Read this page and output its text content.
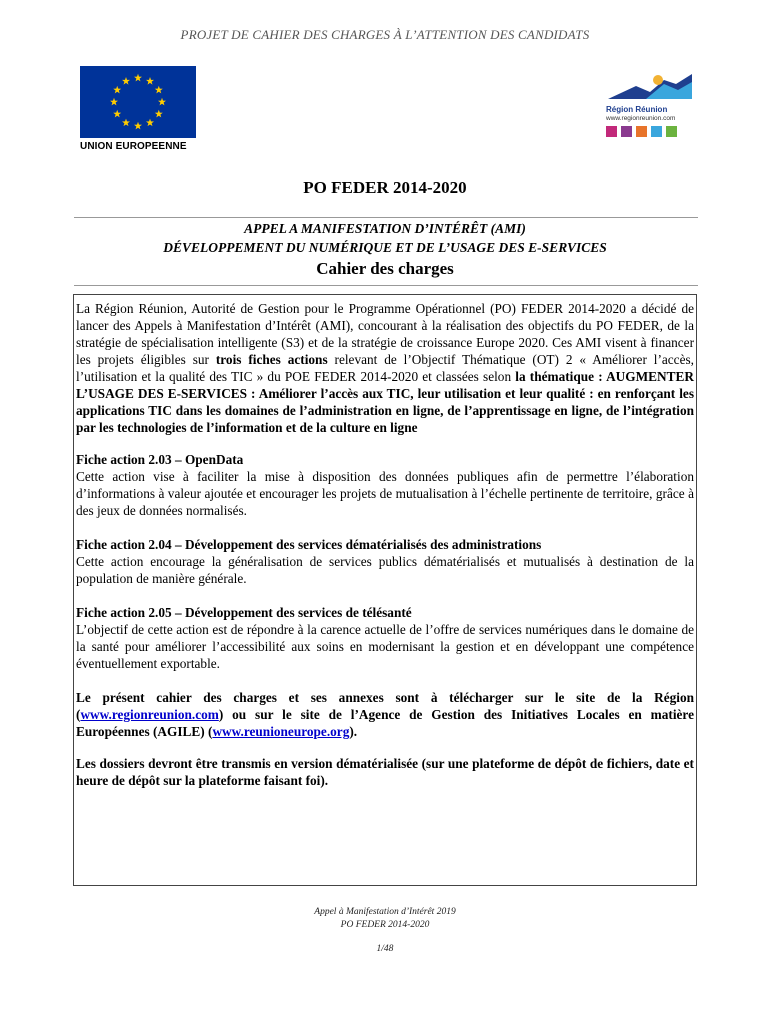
PROJET DE CAHIER DES CHARGES À L’ATTENTION DES CANDIDATS
UNION EUROPEENNE
Région Réunion
www.regionreunion.com
PO FEDER 2014-2020
APPEL A MANIFESTATION D’INTÉRÊT (AMI)
DÉVELOPPEMENT DU NUMÉRIQUE ET DE L’USAGE DES E-SERVICES
Cahier des charges

La Région Réunion, Autorité de Gestion pour le Programme Opérationnel (PO) FEDER 2014-2020 a décidé de lancer des Appels à Manifestation d’Intérêt (AMI), concourant à la réalisation des objectifs du PO FEDER, de la stratégie de spécialisation intelligente (S3) et de la stratégie de croissance Europe 2020. Ces AMI visent à financer les projets éligibles sur trois fiches actions relevant de l’Objectif Thématique (OT) 2 « Améliorer l’accès, l’utilisation et la qualité des TIC » du POE FEDER 2014-2020 et classées selon la thématique : AUGMENTER L’USAGE DES E-SERVICES : Améliorer l’accès aux TIC, leur utilisation et leur qualité : en renforçant les applications TIC dans les domaines de l’administration en ligne, de l’apprentissage en ligne, de l’intégration par les technologies de l’information et de la culture en ligne

Fiche action 2.03 – OpenData

Cette action vise à faciliter la mise à disposition des données publiques afin de permettre l’élaboration d’informations à valeur ajoutée et encourager les projets de mutualisation à l’échelle pertinente de territoire, grâce à des jeux de données normalisés.

Fiche action 2.04 – Développement des services dématérialisés des administrations

Cette action encourage la généralisation de services publics dématérialisés et mutualisés à destination de la population de manière générale.

Fiche action 2.05 – Développement des services de télésanté

L’objectif de cette action est de répondre à la carence actuelle de l’offre de services numériques dans le domaine de la santé pour améliorer l’accessibilité aux soins en modernisant la gestion et en développant une compétence éventuellement exportable.

Le présent cahier des charges et ses annexes sont à télécharger sur le site de la Région (www.regionreunion.com) ou sur le site de l’Agence de Gestion des Initiatives Locales en matière Européennes (AGILE) (www.reunioneurope.org).

Les dossiers devront être transmis en version dématérialisée (sur une plateforme de dépôt de fichiers, date et heure de dépôt sur la plateforme faisant foi).

Appel à Manifestation d’Intérêt 2019
PO FEDER 2014-2020
1/48
